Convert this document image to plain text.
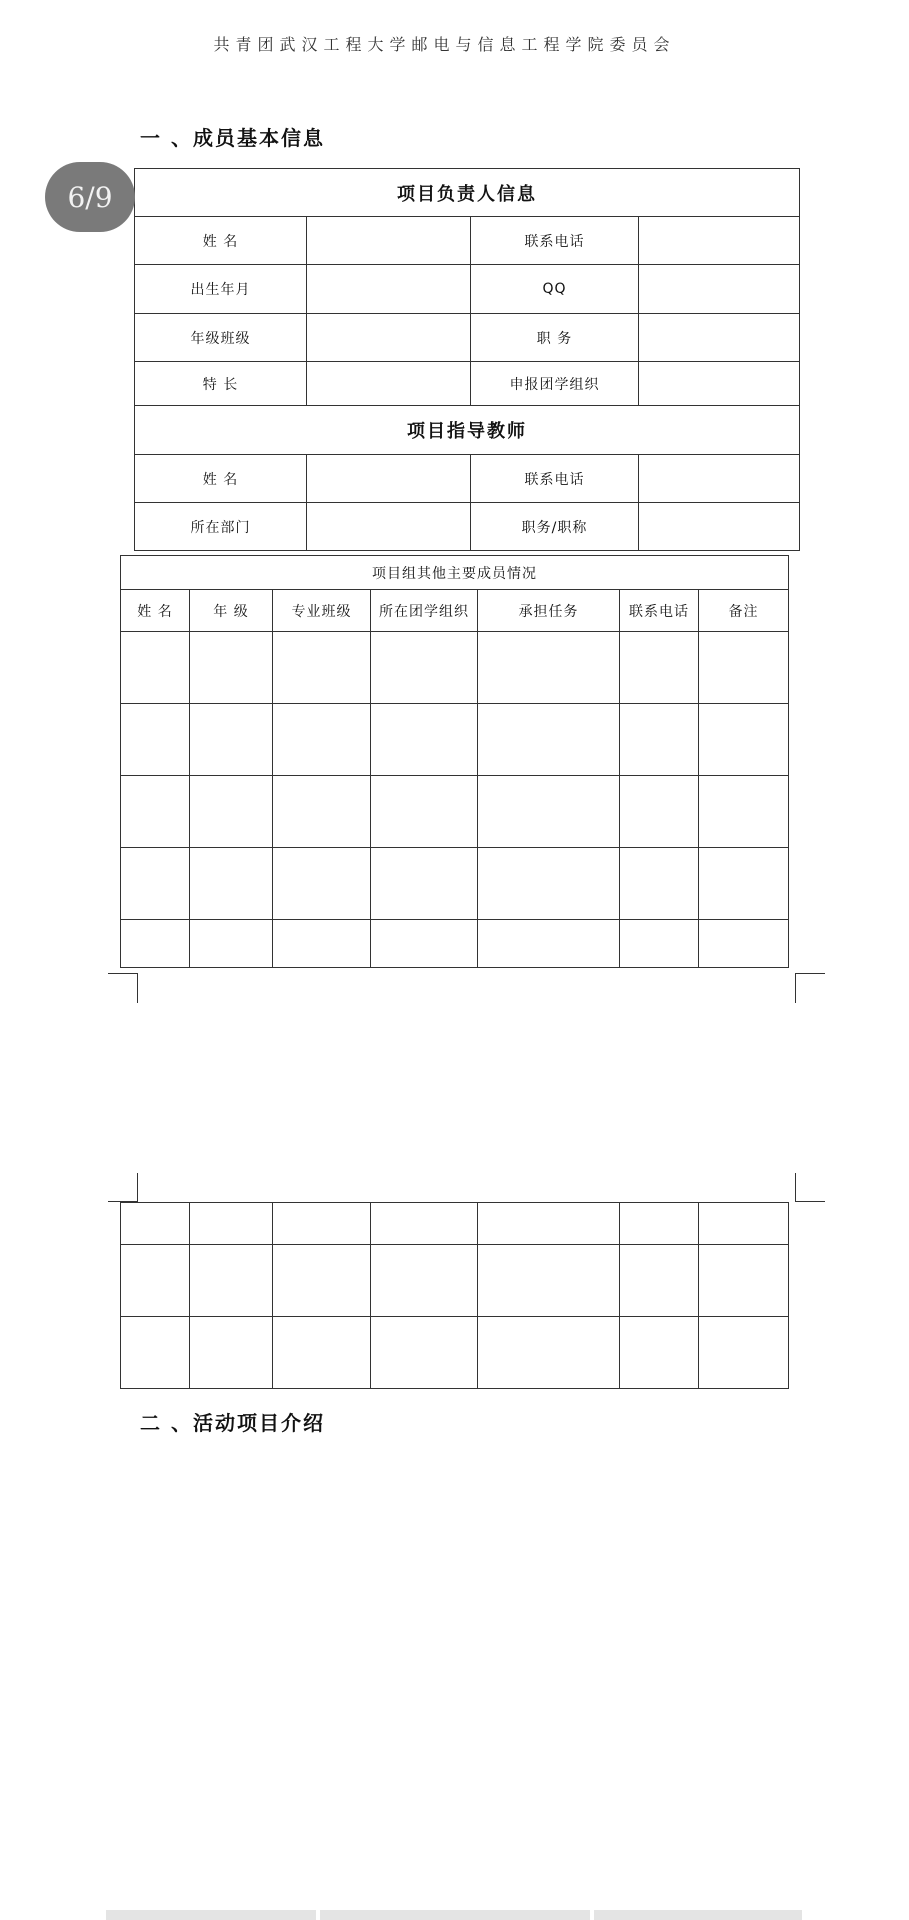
共青团武汉工程大学邮电与信息工程学院委员会
一 、成员基本信息
项目负责人信息			
姓 名		联系电话	
出生年月		QQ	
年级班级		职 务	
特 长		申报团学组织	
项目指导教师			
姓 名		联系电话	
所在部门		职务/职称	
6/9
项目组其他主要成员情况						
姓 名	年 级	专业班级	所在团学组织	承担任务	联系电话	备注

二 、活动项目介绍
